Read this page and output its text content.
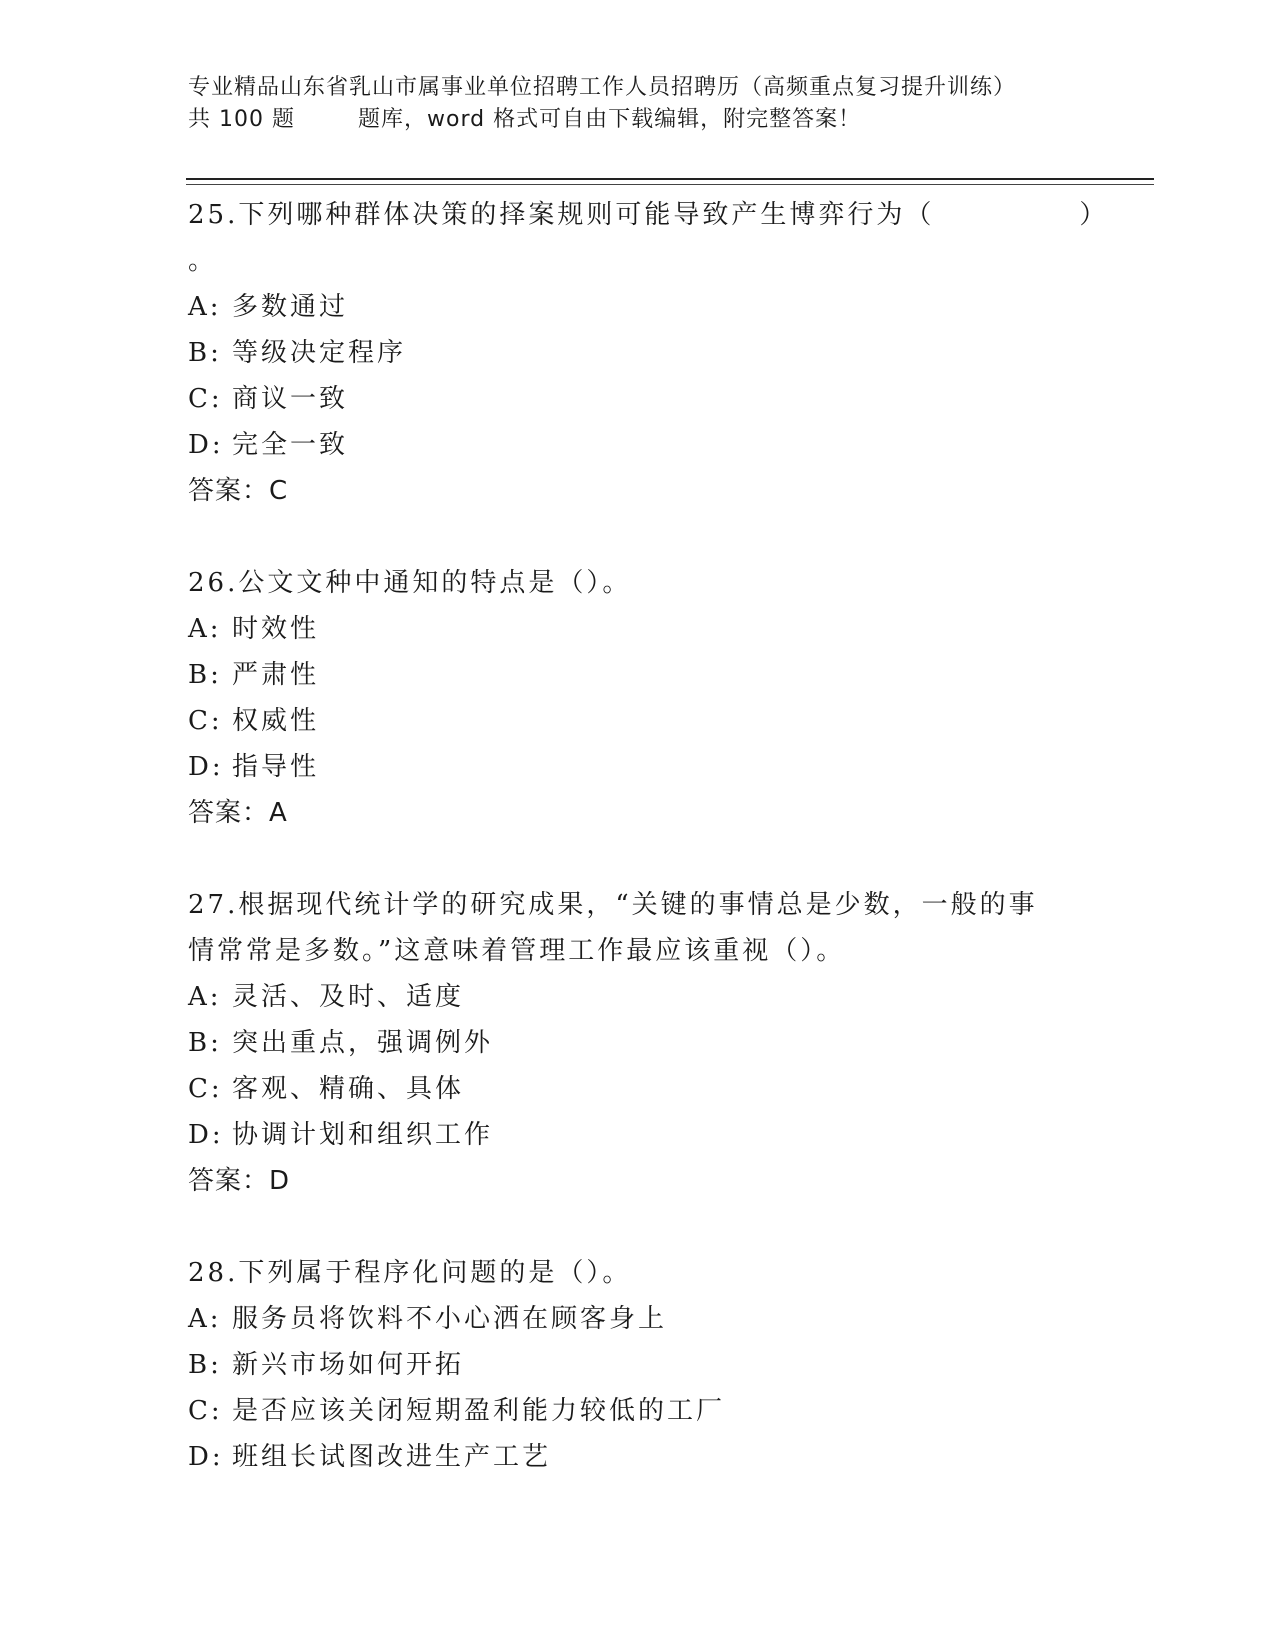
专业精品山东省乳山市属事业单位招聘工作人员招聘历（高频重点复习提升训练）
共 100 题	题库，word 格式可自由下载编辑，附完整答案！

25.下列哪种群体决策的择案规则可能导致产生博弈行为（　　　　　）
。

A: 多数通过

B: 等级决定程序

C: 商议一致

D: 完全一致

答案：C

26.公文文种中通知的特点是（）。

A: 时效性

B: 严肃性

C: 权威性

D: 指导性

答案：A

27.根据现代统计学的研究成果，“关键的事情总是少数，一般的事情常常是多数。”这意味着管理工作最应该重视（）。

A: 灵活、及时、适度

B: 突出重点，强调例外

C: 客观、精确、具体

D: 协调计划和组织工作

答案：D

28.下列属于程序化问题的是（）。

A: 服务员将饮料不小心洒在顾客身上

B: 新兴市场如何开拓

C: 是否应该关闭短期盈利能力较低的工厂

D: 班组长试图改进生产工艺
